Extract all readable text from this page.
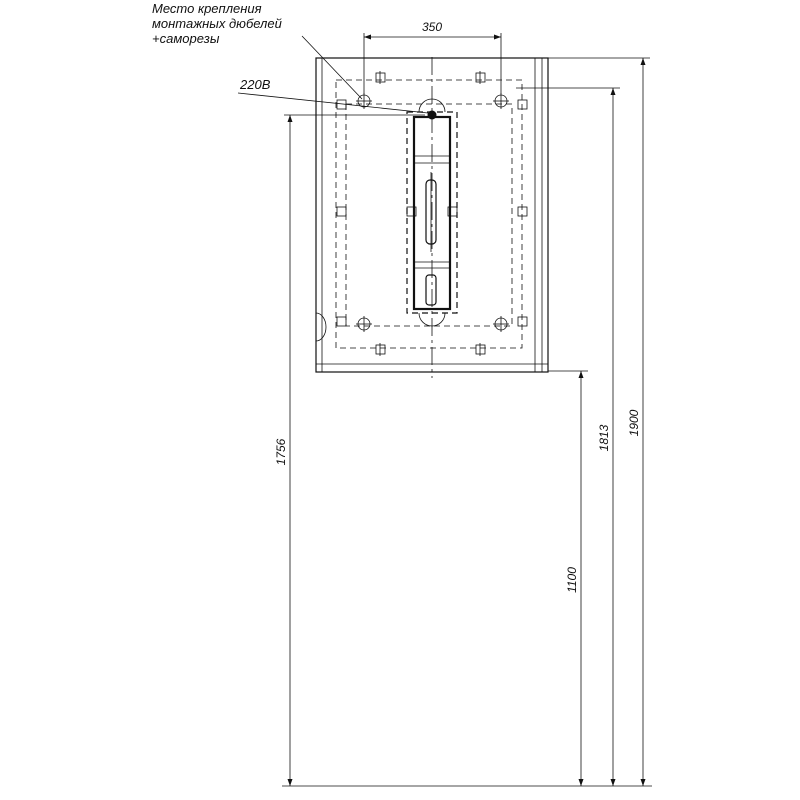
350
Место крепления
монтажных дюбелей
+саморезы
220В
1756
1100
1813
1900
